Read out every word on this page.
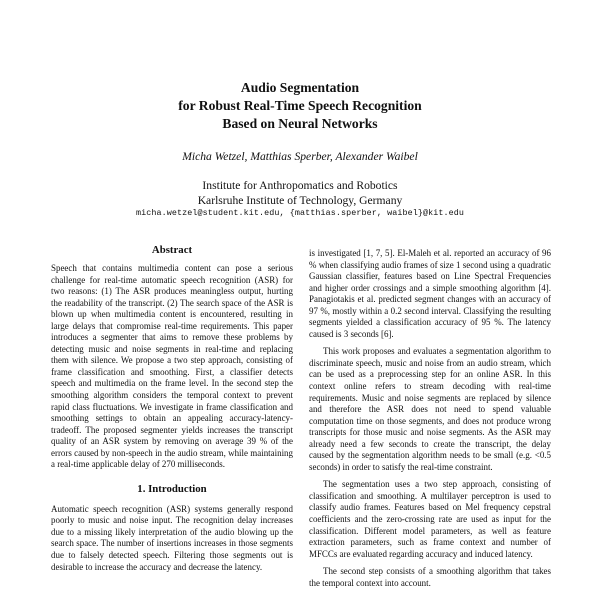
Audio Segmentation
for Robust Real-Time Speech Recognition
Based on Neural Networks
Micha Wetzel, Matthias Sperber, Alexander Waibel
Institute for Anthropomatics and Robotics
Karlsruhe Institute of Technology, Germany
micha.wetzel@student.kit.edu, {matthias.sperber, waibel}@kit.edu
Abstract

Speech that contains multimedia content can pose a serious challenge for real-time automatic speech recognition (ASR) for two reasons: (1) The ASR produces meaningless output, hurting the readability of the transcript. (2) The search space of the ASR is blown up when multimedia content is encountered, resulting in large delays that compromise real-time requirements. This paper introduces a segmenter that aims to remove these problems by detecting music and noise segments in real-time and replacing them with silence. We propose a two step approach, consisting of frame classification and smoothing. First, a classifier detects speech and multimedia on the frame level. In the second step the smoothing algorithm considers the temporal context to prevent rapid class fluctuations. We investigate in frame classification and smoothing settings to obtain an appealing accuracy-latency-tradeoff. The proposed segmenter yields increases the transcript quality of an ASR system by removing on average 39 % of the errors caused by non-speech in the audio stream, while maintaining a real-time applicable delay of 270 milliseconds.

1. Introduction

Automatic speech recognition (ASR) systems generally respond poorly to music and noise input. The recognition delay increases due to a missing likely interpretation of the audio blowing up the search space. The number of insertions increases in those segments due to falsely detected speech. Filtering those segments out is desirable to increase the accuracy and decrease the latency.

is investigated [1, 7, 5]. El-Maleh et al. reported an accuracy of 96 % when classifying audio frames of size 1 second using a quadratic Gaussian classifier, features based on Line Spectral Frequencies and higher order crossings and a simple smoothing algorithm [4]. Panagiotakis et al. predicted segment changes with an accuracy of 97 %, mostly within a 0.2 second interval. Classifying the resulting segments yielded a classification accuracy of 95 %. The latency caused is 3 seconds [6].

This work proposes and evaluates a segmentation algorithm to discriminate speech, music and noise from an audio stream, which can be used as a preprocessing step for an online ASR. In this context online refers to stream decoding with real-time requirements. Music and noise segments are replaced by silence and therefore the ASR does not need to spend valuable computation time on those segments, and does not produce wrong transcripts for those music and noise segments. As the ASR may already need a few seconds to create the transcript, the delay caused by the segmentation algorithm needs to be small (e.g. <0.5 seconds) in order to satisfy the real-time constraint.

The segmentation uses a two step approach, consisting of classification and smoothing. A multilayer perceptron is used to classify audio frames. Features based on Mel frequency cepstral coefficients and the zero-crossing rate are used as input for the classification. Different model parameters, as well as feature extraction parameters, such as frame context and number of MFCCs are evaluated regarding accuracy and induced latency.

The second step consists of a smoothing algorithm that takes the temporal context into account.
